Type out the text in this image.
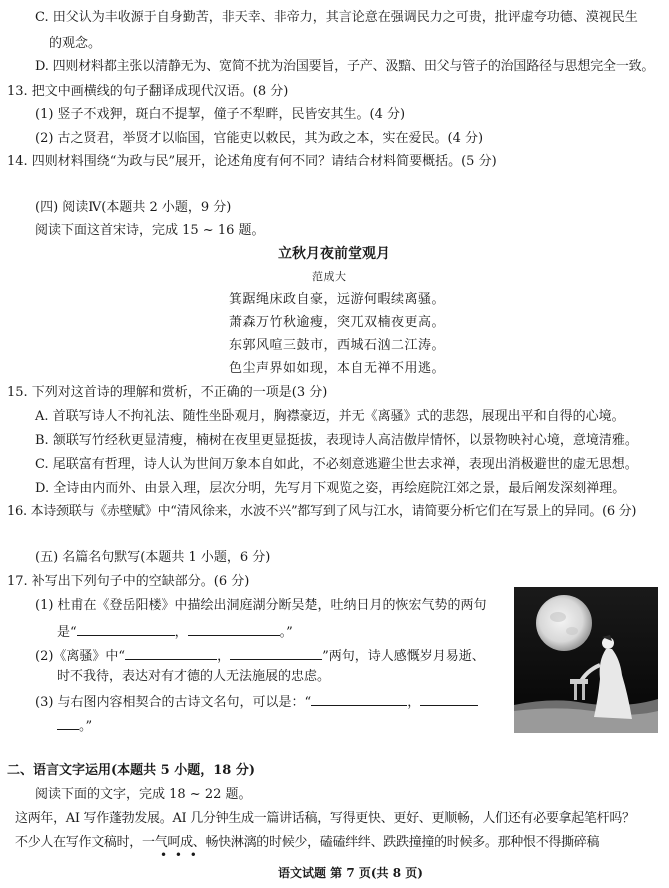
C. 田父认为丰收源于自身勤苦，非天幸、非帝力，其言论意在强调民力之可贵，批评虚夸功德、漠视民生
的观念。
D. 四则材料都主张以清静无为、宽简不扰为治国要旨，子产、汲黯、田父与管子的治国路径与思想完全一致。
13. 把文中画横线的句子翻译成现代汉语。(8 分)
(1) 竖子不戏狎，斑白不提挈，僮子不犁畔，民皆安其生。(4 分)
(2) 古之贤君，举贤才以临国，官能吏以敕民，其为政之本，实在爱民。(4 分)
14. 四则材料围绕“为政与民”展开，论述角度有何不同？请结合材料简要概括。(5 分)
(四) 阅读Ⅳ(本题共 2 小题，9 分)
阅读下面这首宋诗，完成 15 ~ 16 题。
立秋月夜前堂观月
范成大
箕踞绳床政自豪，远游何暇续离骚。
萧森万竹秋逾瘦，突兀双楠夜更高。
东郭风喧三鼓市，西城石汹二江涛。
色尘声界如如现，本自无禅不用逃。
15. 下列对这首诗的理解和赏析，不正确的一项是(3 分)
A. 首联写诗人不拘礼法、随性坐卧观月，胸襟豪迈，并无《离骚》式的悲怨，展现出平和自得的心境。
B. 颔联写竹经秋更显清瘦，楠树在夜里更显挺拔，表现诗人高洁傲岸情怀，以景物映衬心境，意境清雅。
C. 尾联富有哲理，诗人认为世间万象本自如此，不必刻意逃避尘世去求禅，表现出消极避世的虚无思想。
D. 全诗由内而外、由景入理，层次分明，先写月下观览之姿，再绘庭院江郊之景，最后阐发深刻禅理。
16. 本诗颈联与《赤壁赋》中“清风徐来，水波不兴”都写到了风与江水，请简要分析它们在写景上的异同。(6 分)
(五) 名篇名句默写(本题共 1 小题，6 分)
17. 补写出下列句子中的空缺部分。(6 分)
(1) 杜甫在《登岳阳楼》中描绘出洞庭湖分断吴楚，吐纳日月的恢宏气势的两句
是“	，	。”
(2)《离骚》中“	，	”两句，诗人感慨岁月易逝、
时不我待，表达对有才德的人无法施展的忠虑。
(3) 与右图内容相契合的古诗文名句，可以是：“	，
。”
二、语言文字运用(本题共 5 小题，18 分)
阅读下面的文字，完成 18 ~ 22 题。
这两年，AI 写作蓬勃发展。AI 几分钟生成一篇讲话稿，写得更快、更好、更顺畅，人们还有必要拿起笔杆吗？
不少人在写作文稿时，一气呵成、畅快淋漓的时候少，磕磕绊绊、跌跌撞撞的时候多。那种恨不得撕碎稿
• • •
语文试题 第 7 页(共 8 页)
